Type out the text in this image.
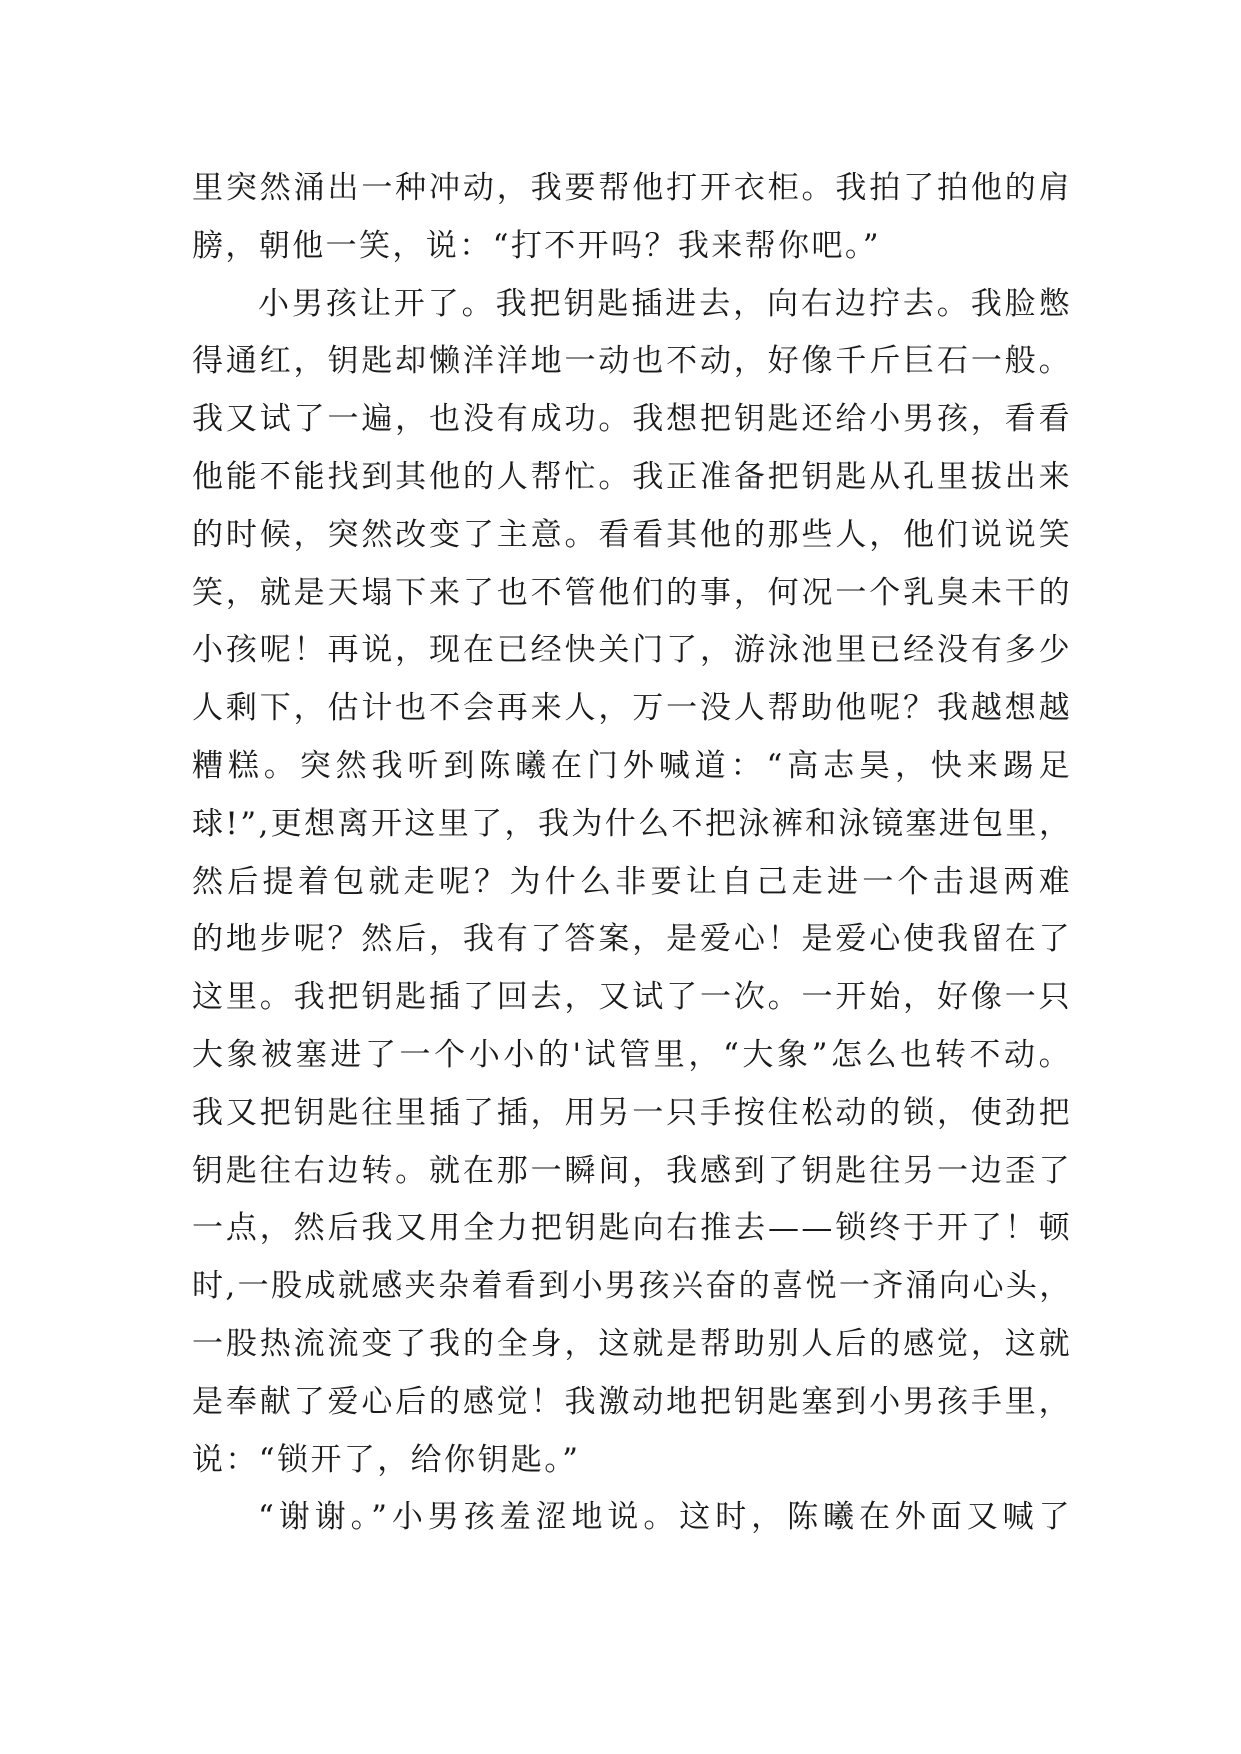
里突然涌出一种冲动，我要帮他打开衣柜。我拍了拍他的肩
膀，朝他一笑，说：“打不开吗？我来帮你吧。”
小男孩让开了。我把钥匙插进去，向右边拧去。我脸憋
得通红，钥匙却懒洋洋地一动也不动，好像千斤巨石一般。
我又试了一遍，也没有成功。我想把钥匙还给小男孩，看看
他能不能找到其他的人帮忙。我正准备把钥匙从孔里拔出来
的时候，突然改变了主意。看看其他的那些人，他们说说笑
笑，就是天塌下来了也不管他们的事，何况一个乳臭未干的
小孩呢！再说，现在已经快关门了，游泳池里已经没有多少
人剩下，估计也不会再来人，万一没人帮助他呢？我越想越
糟糕。突然我听到陈曦在门外喊道：“高志昊，快来踢足
球!”,更想离开这里了，我为什么不把泳裤和泳镜塞进包里，
然后提着包就走呢？为什么非要让自己走进一个击退两难
的地步呢？然后，我有了答案，是爱心！是爱心使我留在了
这里。我把钥匙插了回去，又试了一次。一开始，好像一只
大象被塞进了一个小小的'试管里，“大象”怎么也转不动。
我又把钥匙往里插了插，用另一只手按住松动的锁，使劲把
钥匙往右边转。就在那一瞬间，我感到了钥匙往另一边歪了
一点，然后我又用全力把钥匙向右推去——锁终于开了！顿
时,一股成就感夹杂着看到小男孩兴奋的喜悦一齐涌向心头，
一股热流流变了我的全身，这就是帮助别人后的感觉，这就
是奉献了爱心后的感觉！我激动地把钥匙塞到小男孩手里，
说：“锁开了，给你钥匙。”
“谢谢。”小男孩羞涩地说。这时，陈曦在外面又喊了
